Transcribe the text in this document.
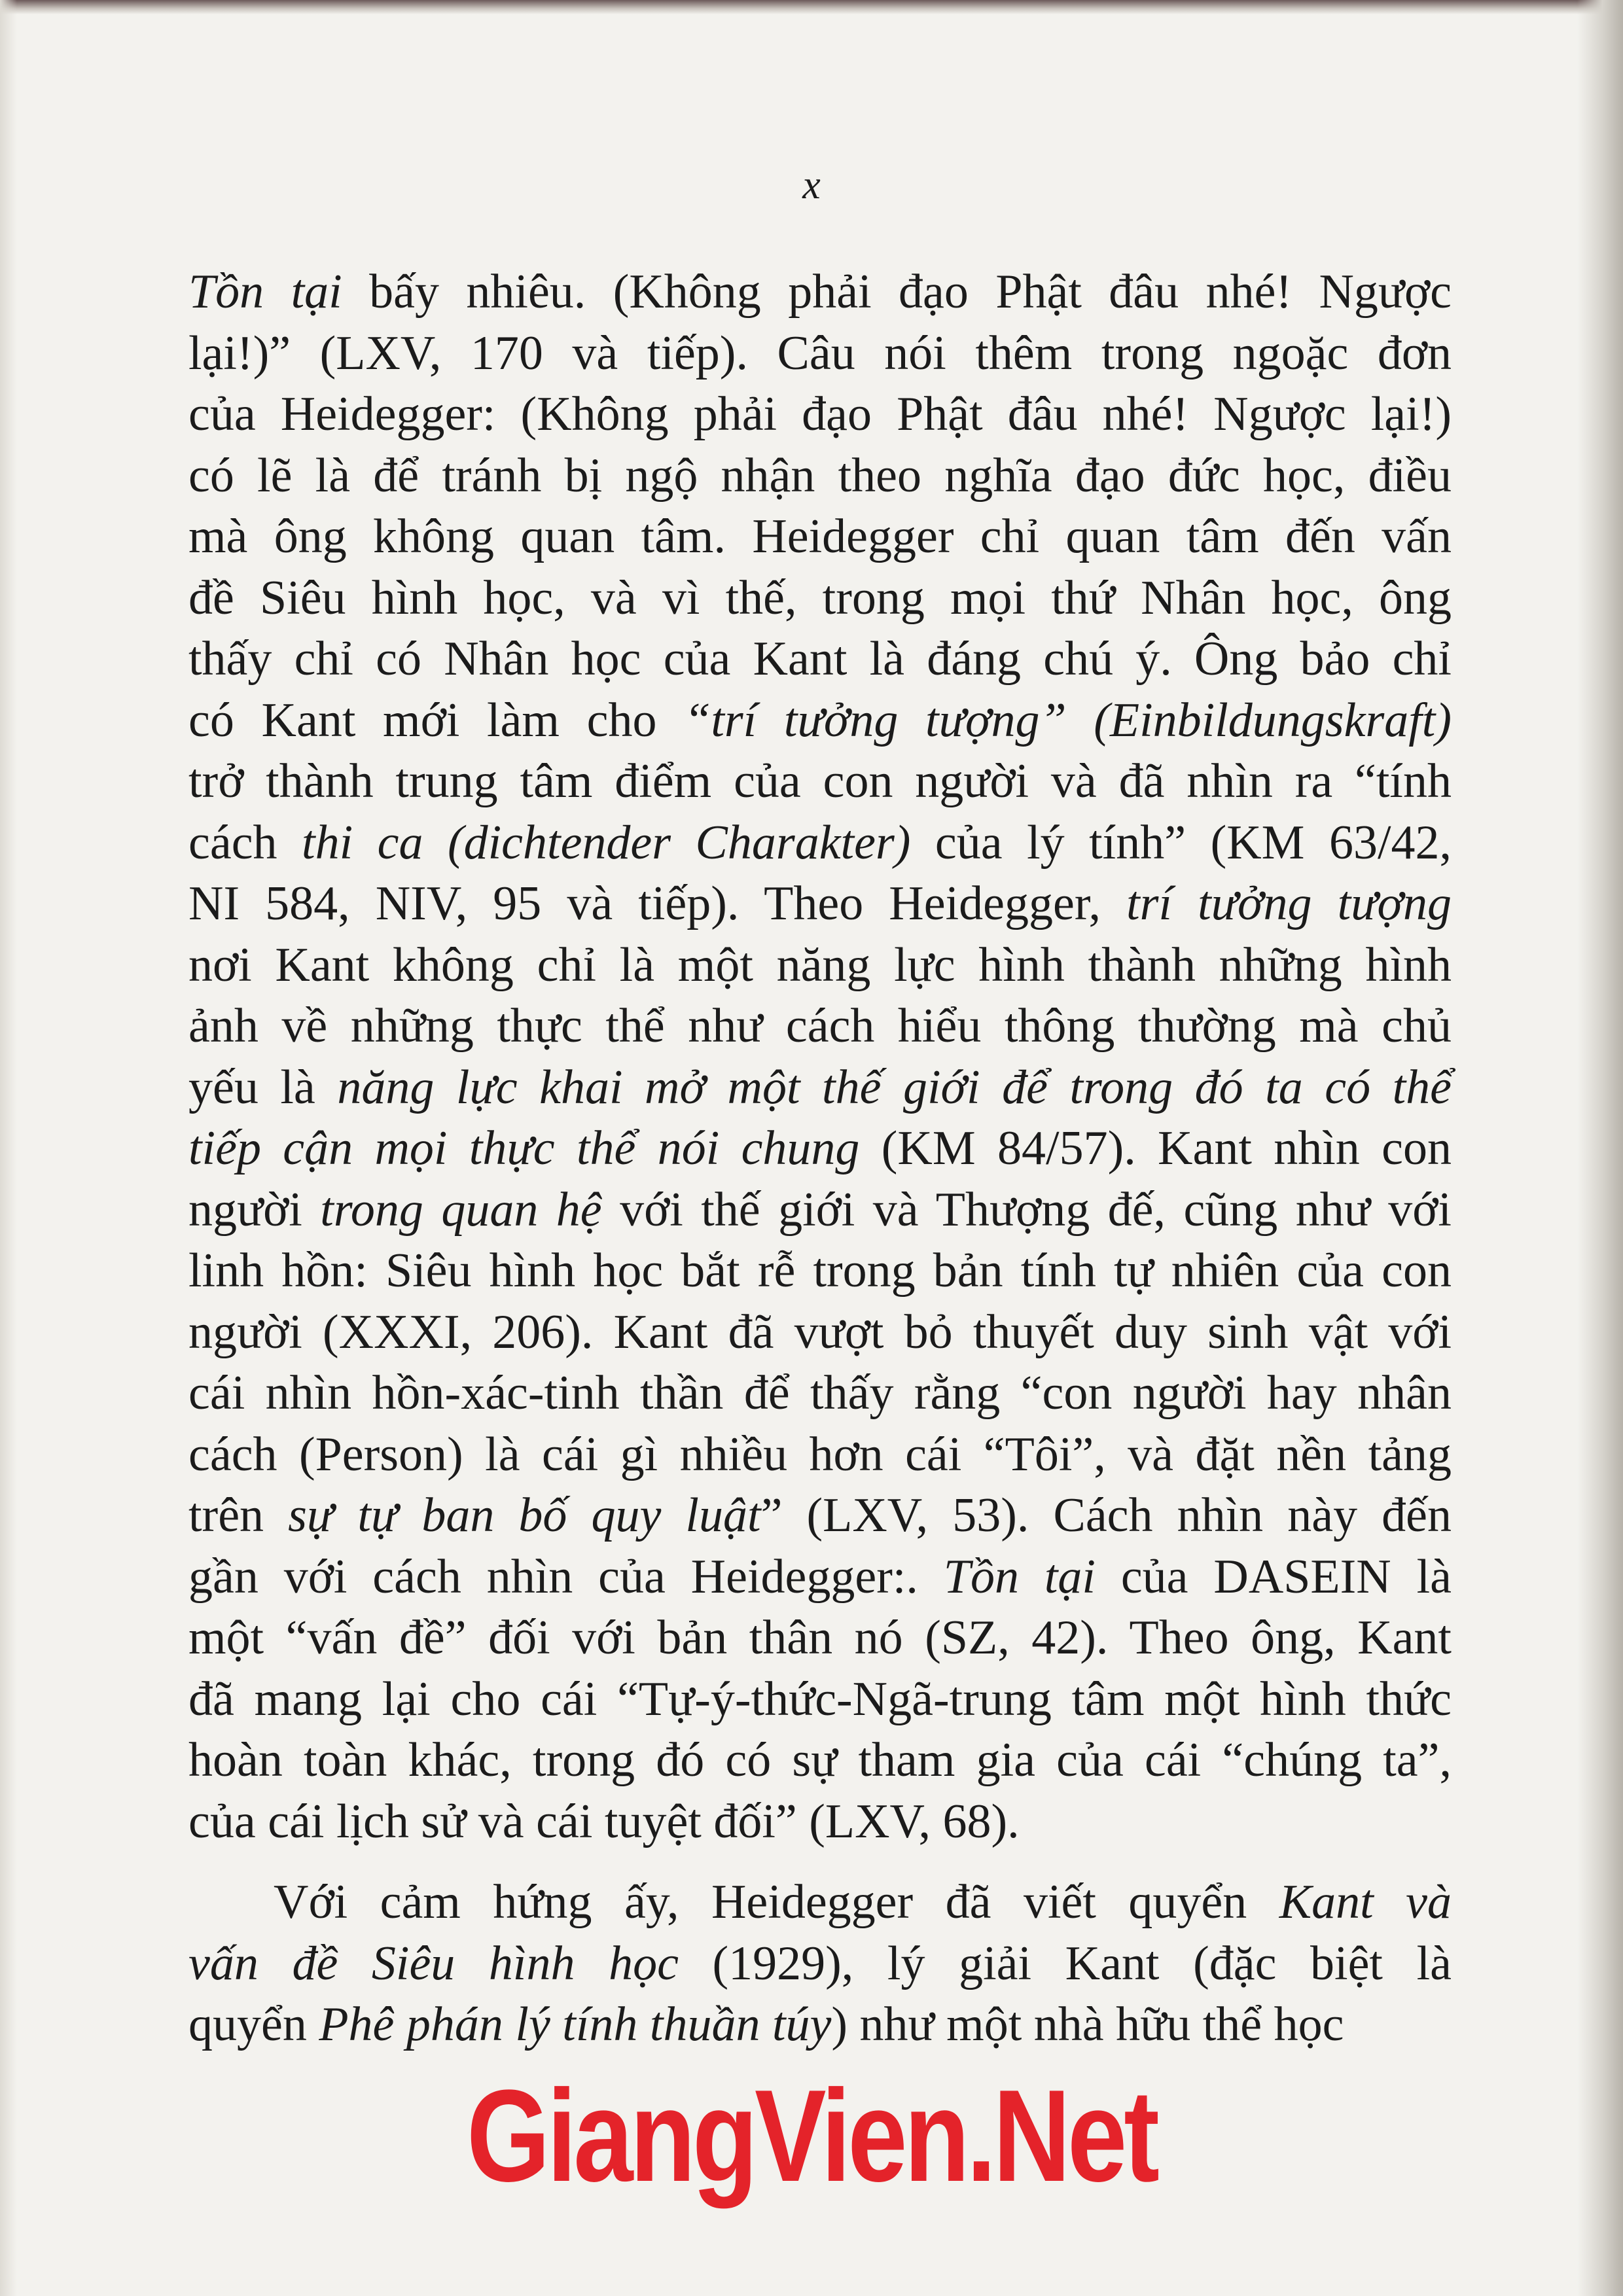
x
Tồn tại bấy nhiêu. (Không phải đạo Phật đâu nhé! Ngược
lại!)” (LXV, 170 và tiếp). Câu nói thêm trong ngoặc đơn
của Heidegger: (Không phải đạo Phật đâu nhé! Ngược lại!)
có lẽ là để tránh bị ngộ nhận theo nghĩa đạo đức học, điều
mà ông không quan tâm. Heidegger chỉ quan tâm đến vấn
đề Siêu hình học, và vì thế, trong mọi thứ Nhân học, ông
thấy chỉ có Nhân học của Kant là đáng chú ý. Ông bảo chỉ
có Kant mới làm cho “trí tưởng tượng” (Einbildungskraft)
trở thành trung tâm điểm của con người và đã nhìn ra “tính
cách thi ca (dichtender Charakter) của lý tính” (KM 63/42,
NI 584, NIV, 95 và tiếp). Theo Heidegger, trí tưởng tượng
nơi Kant không chỉ là một năng lực hình thành những hình
ảnh về những thực thể như cách hiểu thông thường mà chủ
yếu là năng lực khai mở một thế giới để trong đó ta có thể
tiếp cận mọi thực thể nói chung (KM 84/57). Kant nhìn con
người trong quan hệ với thế giới và Thượng đế, cũng như với
linh hồn: Siêu hình học bắt rễ trong bản tính tự nhiên của con
người (XXXI, 206). Kant đã vượt bỏ thuyết duy sinh vật với
cái nhìn hồn-xác-tinh thần để thấy rằng “con người hay nhân
cách (Person) là cái gì nhiều hơn cái “Tôi”, và đặt nền tảng
trên sự tự ban bố quy luật” (LXV, 53). Cách nhìn này đến
gần với cách nhìn của Heidegger:. Tồn tại của DASEIN là
một “vấn đề” đối với bản thân nó (SZ, 42). Theo ông, Kant
đã mang lại cho cái “Tự-ý-thức-Ngã-trung tâm một hình thức
hoàn toàn khác, trong đó có sự tham gia của cái “chúng ta”,
của cái lịch sử và cái tuyệt đối” (LXV, 68).
Với cảm hứng ấy, Heidegger đã viết quyển Kant và
vấn đề Siêu hình học (1929), lý giải Kant (đặc biệt là
quyển Phê phán lý tính thuần túy) như một nhà hữu thể học
GiangVien.Net
